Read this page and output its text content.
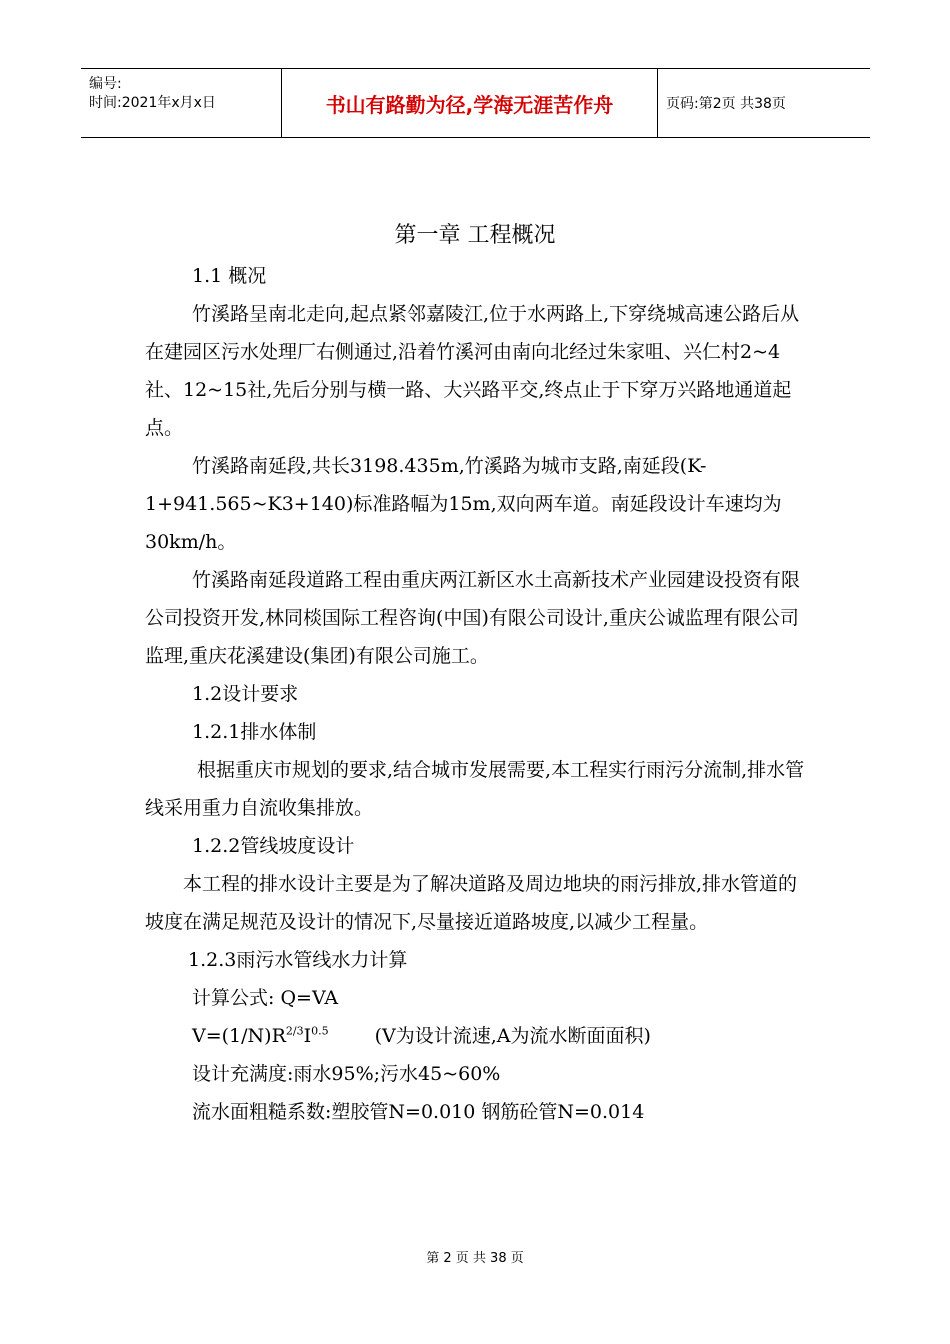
编号:
时间:2021年x月x日	书山有路勤为径,学海无涯苦作舟	页码:第2页 共38页
第一章 工程概况

1.1 概况

竹溪路呈南北走向,起点紧邻嘉陵江,位于水两路上,下穿绕城高速公路后从在建园区污水处理厂右侧通过,沿着竹溪河由南向北经过朱家咀、兴仁村2~4社、12~15社,先后分别与横一路、大兴路平交,终点止于下穿万兴路地通道起点。

竹溪路南延段,共长3198.435m,竹溪路为城市支路,南延段(K-1+941.565~K3+140)标准路幅为15m,双向两车道。南延段设计车速均为30km/h。

竹溪路南延段道路工程由重庆两江新区水土高新技术产业园建设投资有限公司投资开发,林同棪国际工程咨询(中国)有限公司设计,重庆公诚监理有限公司监理,重庆花溪建设(集团)有限公司施工。

1.2设计要求

1.2.1排水体制

根据重庆市规划的要求,结合城市发展需要,本工程实行雨污分流制,排水管线采用重力自流收集排放。

1.2.2管线坡度设计

本工程的排水设计主要是为了解决道路及周边地块的雨污排放,排水管道的坡度在满足规范及设计的情况下,尽量接近道路坡度,以减少工程量。

1.2.3雨污水管线水力计算

计算公式: Q=VA

$V=(1/N)R^{2/3}I^{0.5}$ (V为设计流速,A为流水断面面积)

设计充满度:雨水95%;污水45~60%

流水面粗糙系数:塑胶管N=0.010 钢筋砼管N=0.014

第 2 页 共 38 页
